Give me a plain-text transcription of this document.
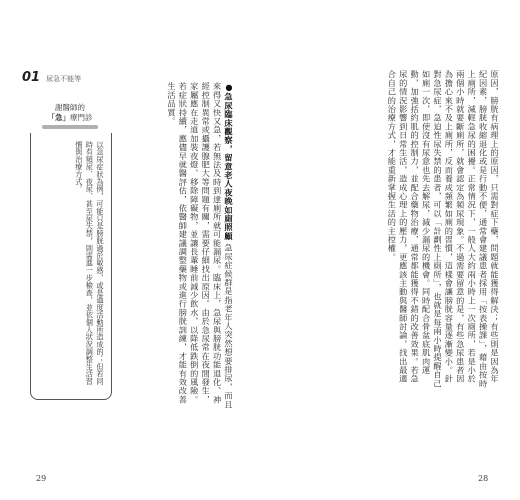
01 尿急不能等
謝醫師的
「急」療門診
以急尿症狀為例，可能只是膀胱過於敏感，或是過度活動所造成的；但若同時有頻尿、夜尿、甚至尿失禁，則需進一步檢查，並依個人狀況調整生活習慣與治療方式。	●急尿臨床觀察，留意老人夜晚如廁照顧 急尿症候群是指老年人突然想要排尿，而且來得又快又急，若無法及時到達廁所就可能漏尿。臨床上，急尿與膀胱功能退化、神經控制異常或攝護腺肥大等問題有關，需要仔細找出原因。由於急尿常在夜間發生，家屬應在走道加裝夜燈、移除障礙物，並讓長輩睡前減少飲水，以降低跌倒的風險。若症狀持續，應儘早就醫評估，依醫師建議調整藥物或進行膀胱訓練，才能有效改善生活品質。
29
原因，膀胱有病理上的原因，只需對症下藥，問題就能獲得解決；有些則是因為年紀因素，膀胱收縮退化或是行動不便，通常會建議患者採用「按表操課」，藉由按時上廁所，減輕急尿的困擾。正常情況下，一般人大約兩小時上一次廁所，若是小於兩個小時就要斷廁所，就會認定為頻尿現象。不過需要留意的是，有些急尿患者因為擔心來不及上廁所，反而養成頻繁如廁的習慣，這樣會讓膀胱容量逐漸變小。針對急尿症，急迫性尿失禁的患者，可以「計劃性上廁所」，也就是每兩小時提醒自己如廁一次，即使沒有尿意也先去解尿，減少漏尿的機會。同時配合骨盆底肌肉運動，加強括約肌的控制力，並配合藥物治療，通常都能獲得不錯的改善效果。若急尿的情況影響到日常生活，造成心理上的壓力，更應該主動與醫師討論，找出最適合自己的治療方式，才能重新掌握生活的主控權。
28
